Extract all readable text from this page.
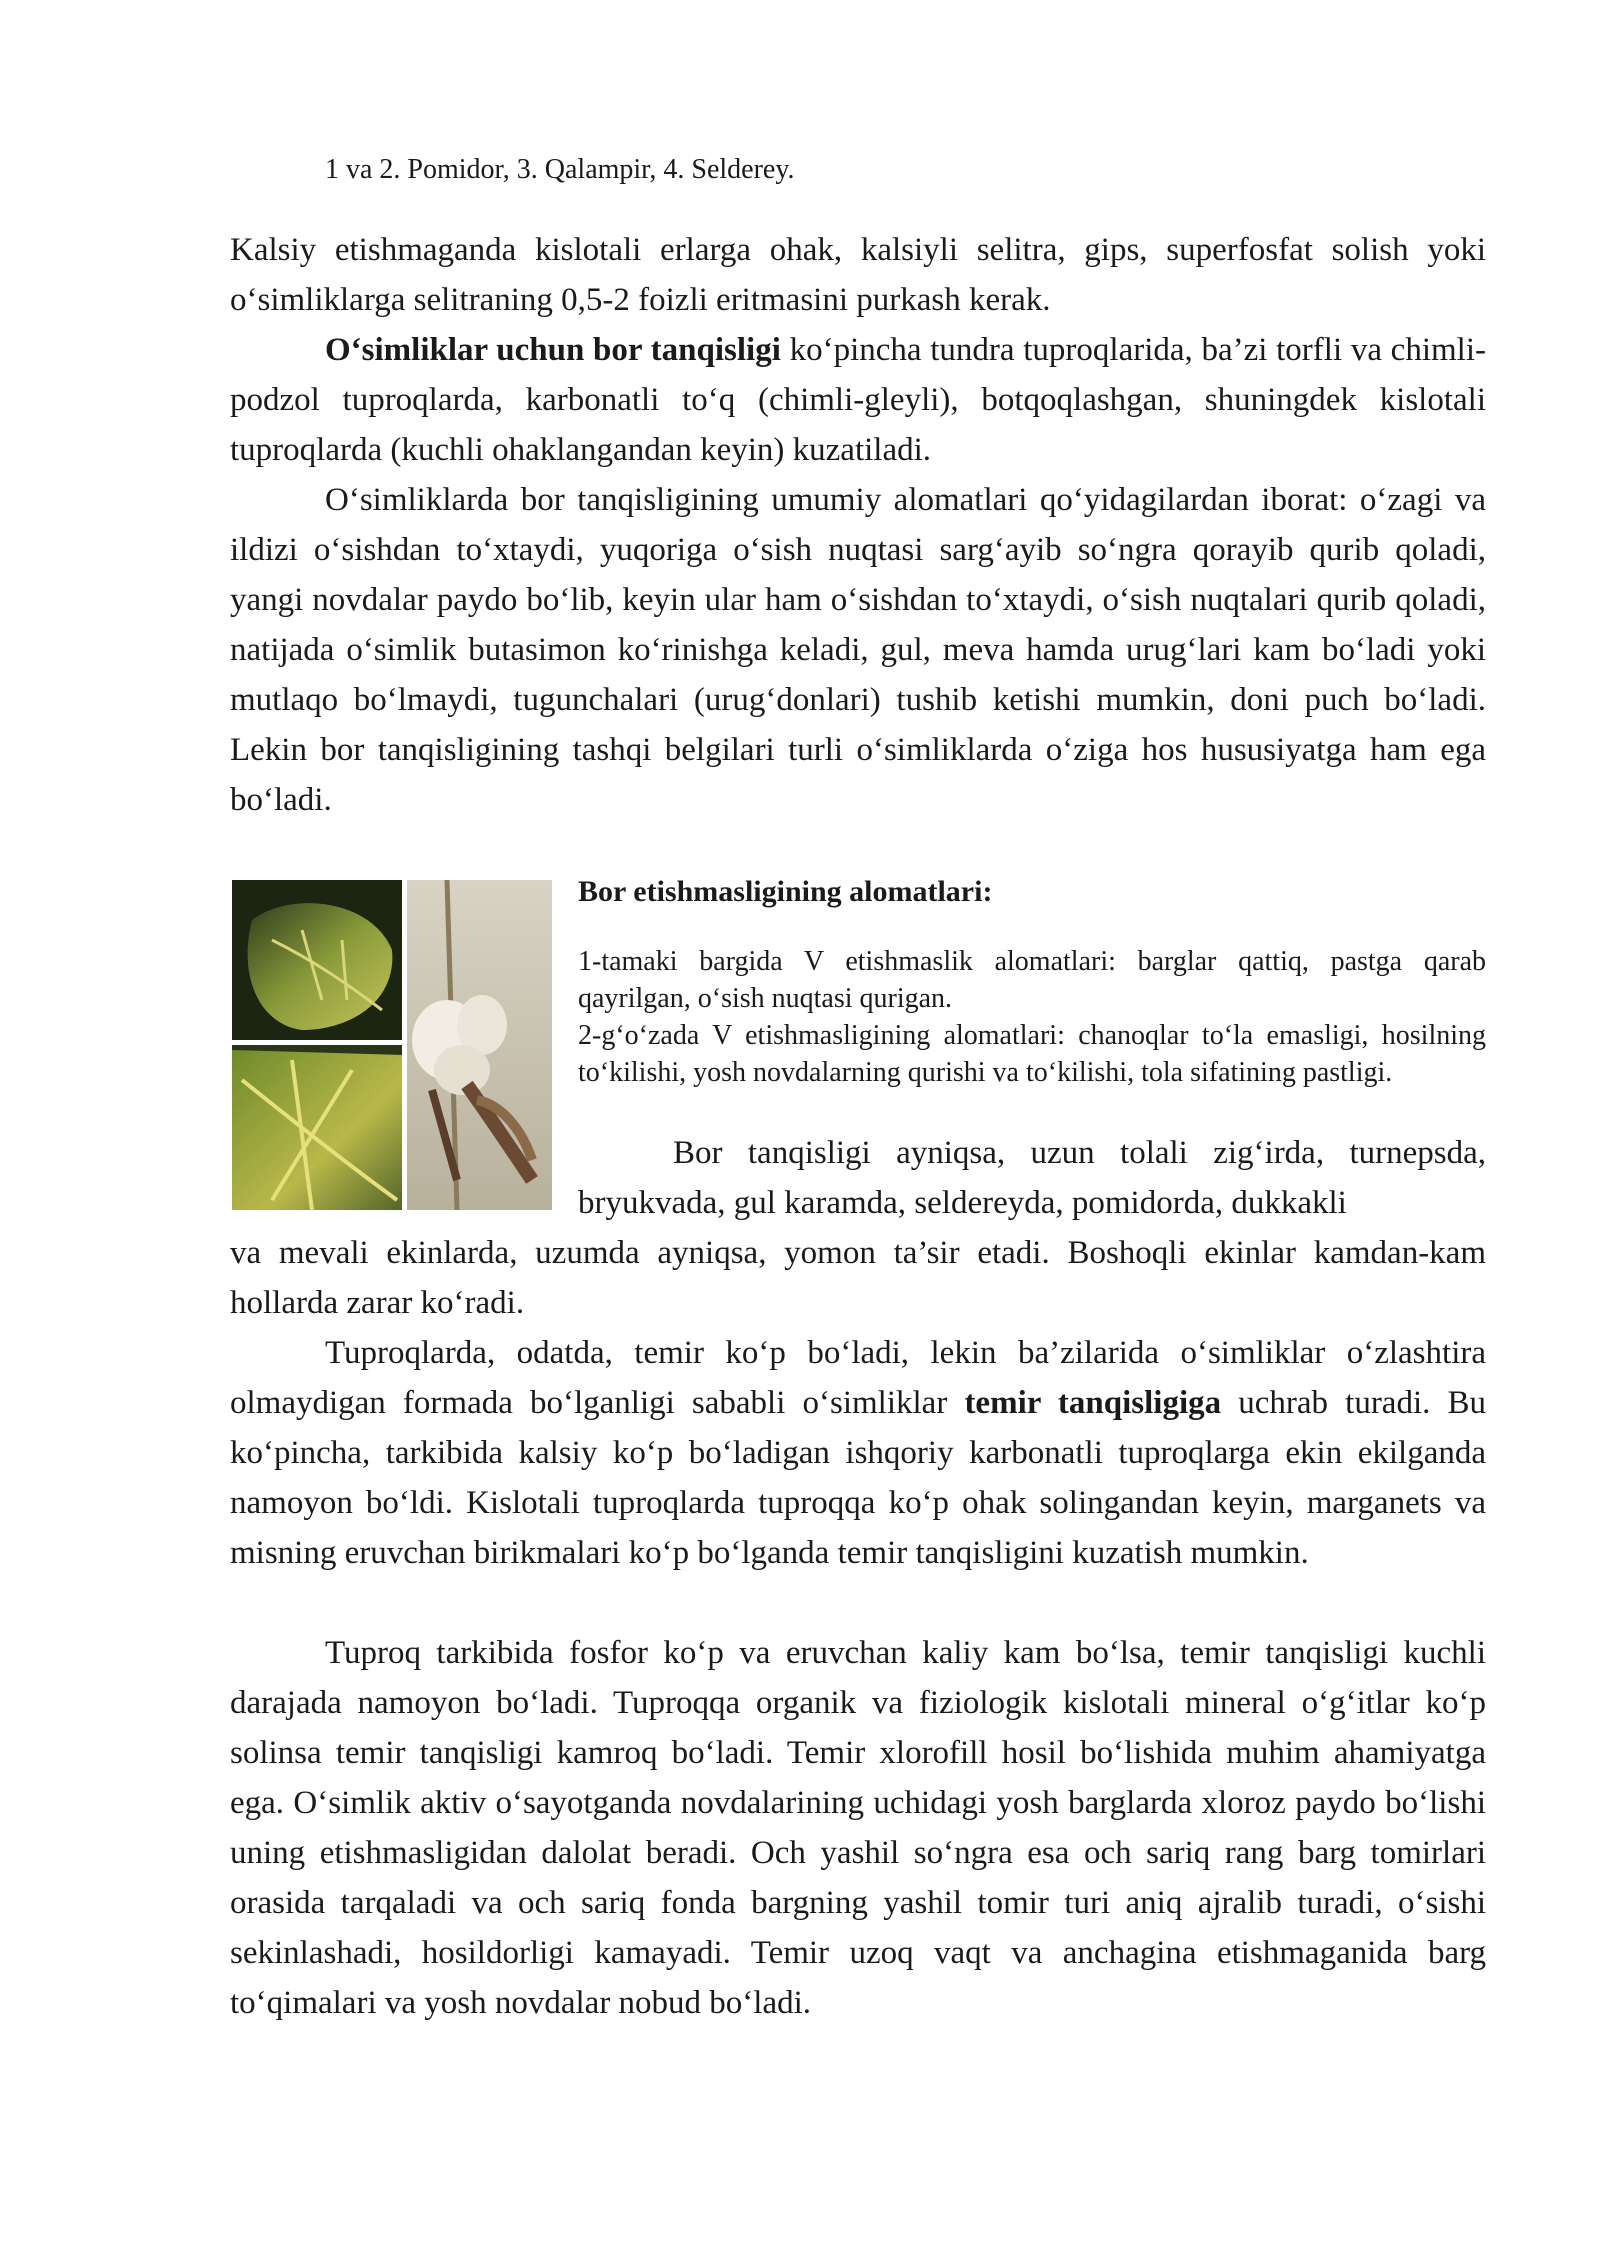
1 va 2. Pomidor, 3. Qalampir, 4. Selderey.

Kalsiy etishmaganda kislotali erlarga ohak, kalsiyli selitra, gips, superfosfat solish yoki o‘simliklarga selitraning 0,5-2 foizli eritmasini purkash kerak.

O‘simliklar uchun bor tanqisligi ko‘pincha tundra tuproqlarida, ba’zi torfli va chimli- podzol tuproqlarda, karbonatli to‘q (chimli-gleyli), botqoqlashgan, shuningdek kislotali tuproqlarda (kuchli ohaklangandan keyin) kuzatiladi.

O‘simliklarda bor tanqisligining umumiy alomatlari qo‘yidagilardan iborat: o‘zagi va ildizi o‘sishdan to‘xtaydi, yuqoriga o‘sish nuqtasi sarg‘ayib so‘ngra qorayib qurib qoladi, yangi novdalar paydo bo‘lib, keyin ular ham o‘sishdan to‘xtaydi, o‘sish nuqtalari qurib qoladi, natijada o‘simlik butasimon ko‘rinishga keladi, gul, meva hamda urug‘lari kam bo‘ladi yoki mutlaqo bo‘lmaydi, tugunchalari (urug‘donlari) tushib ketishi mumkin, doni puch bo‘ladi. Lekin bor tanqisligining tashqi belgilari turli o‘simliklarda o‘ziga hos hususiyatga ham ega bo‘ladi.

Bor etishmasligining alomatlari:

1-tamaki bargida V etishmaslik alomatlari: barglar qattiq, pastga qarab qayrilgan, o‘sish nuqtasi qurigan.

2-g‘o‘zada V etishmasligining alomatlari: chanoqlar to‘la emasligi, hosilning to‘kilishi, yosh novdalarning qurishi va to‘kilishi, tola sifatining pastligi.

Bor tanqisligi ayniqsa, uzun tolali zig‘irda, turnepsda, bryukvada, gul karamda, seldereyda, pomidorda, dukkakli

va mevali ekinlarda, uzumda ayniqsa, yomon ta’sir etadi. Boshoqli ekinlar kamdan-kam hollarda zarar ko‘radi.

Tuproqlarda, odatda, temir ko‘p bo‘ladi, lekin ba’zilarida o‘simliklar o‘zlashtira olmaydigan formada bo‘lganligi sababli o‘simliklar temir tanqisligiga uchrab turadi. Bu ko‘pincha, tarkibida kalsiy ko‘p bo‘ladigan ishqoriy karbonatli tuproqlarga ekin ekilganda namoyon bo‘ldi. Kislotali tuproqlarda tuproqqa ko‘p ohak solingandan keyin, marganets va misning eruvchan birikmalari ko‘p bo‘lganda temir tanqisligini kuzatish mumkin.

Tuproq tarkibida fosfor ko‘p va eruvchan kaliy kam bo‘lsa, temir tanqisligi kuchli darajada namoyon bo‘ladi. Tuproqqa organik va fiziologik kislotali mineral o‘g‘itlar ko‘p solinsa temir tanqisligi kamroq bo‘ladi. Temir xlorofill hosil bo‘lishida muhim ahamiyatga ega. O‘simlik aktiv o‘sayotganda novdalarining uchidagi yosh barglarda xloroz paydo bo‘lishi uning etishmasligidan dalolat beradi. Och yashil so‘ngra esa och sariq rang barg tomirlari orasida tarqaladi va och sariq fonda bargning yashil tomir turi aniq ajralib turadi, o‘sishi sekinlashadi, hosildorligi kamayadi. Temir uzoq vaqt va anchagina etishmaganida barg to‘qimalari va yosh novdalar nobud bo‘ladi.
